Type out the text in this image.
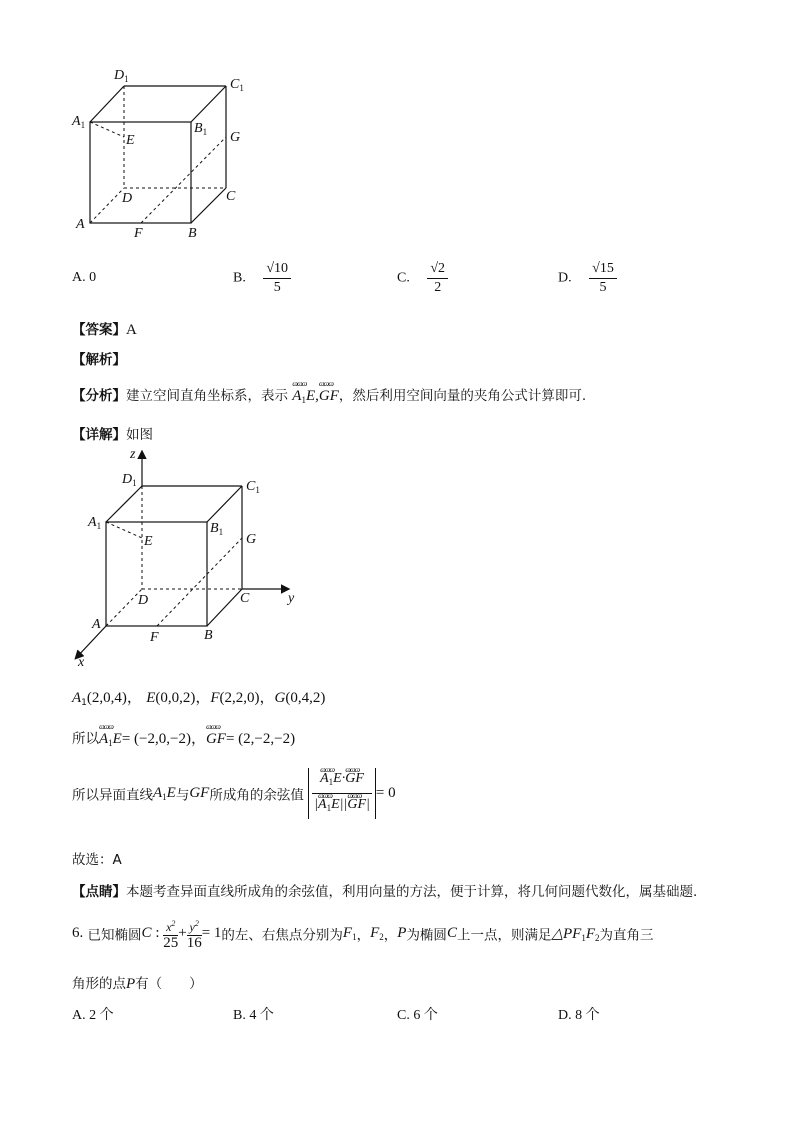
$D_1$	$C_1$
$A_1$	$B_1$
E	G
D	C
A
F	B
A. 0	B. $\frac{√10}{5}$	C. $\frac{√2}{2}$	D. $\frac{√15}{5}$
【答案】A
【解析】
【分析】建立空间直角坐标系，表示 ɷɷɷ $A_1E,ɷɷɷ$ GF，然后利用空间向量的夹角公式计算即可.
【详解】如图
z
y
x
$D_1$	$C_1$
$A_1$	$B_1$
E	G
D	C
A
F	B
$A_1(2,0,4)$， E(0,0,2)，F(2,2,0)，G(0,4,2)
所以ɷɷɷ $A_1E= (-2,0,-2)$，ɷɷɷ GF= (2,−2,−2)
所以异面直线$A_1E$与GF所成角的余弦值 ɷɷɷ $\frac{A_1E\cdot ɷɷɷ GF}{|ɷɷɷ A_1E||ɷɷɷ GF|} = 0$
故选：A
【点睛】本题考查异面直线所成角的余弦值，利用向量的方法，便于计算，将几何问题代数化，属基础题.
6. 已知椭圆C : $x^2$
25
+ $y^2$
16
= 1的左、右焦点分别为$F_1$，$F_2$，P为椭圆C上一点，则满足$\triangle PF_1F_2$为直角三
角形的点P有（　　）
A. 2 个	B. 4 个	C. 6 个	D. 8 个
